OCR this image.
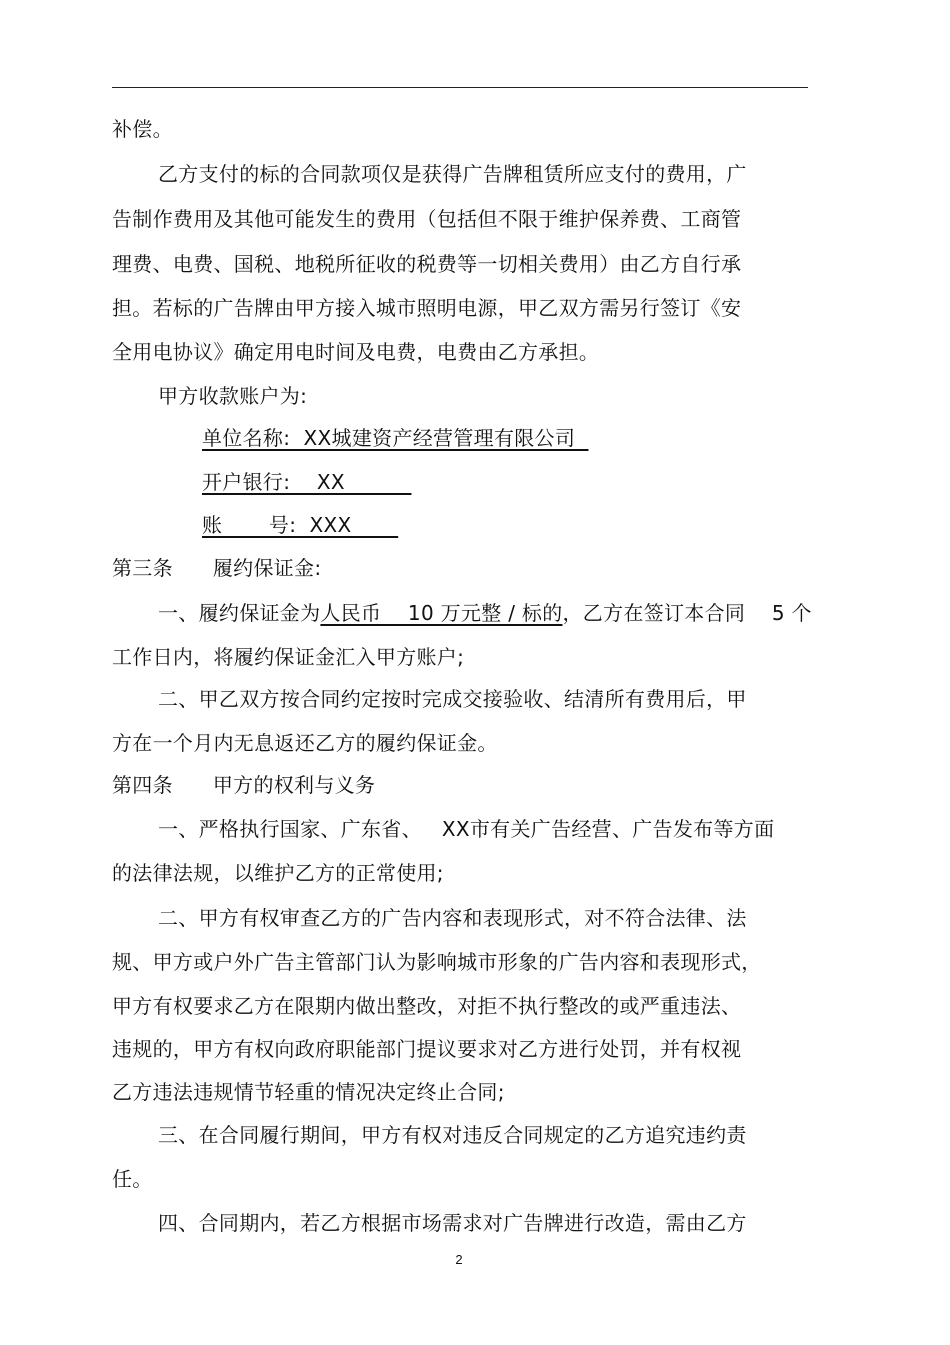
补偿。
乙方支付的标的合同款项仅是获得广告牌租赁所应支付的费用，广
告制作费用及其他可能发生的费用（包括但不限于维护保养费、工商管
理费、电费、国税、地税所征收的税费等一切相关费用）由乙方自行承
担。若标的广告牌由甲方接入城市照明电源，甲乙双方需另行签订《安
全用电协议》确定用电时间及电费，电费由乙方承担。
甲方收款账户为:
单位名称:  XX城建资产经营管理有限公司
开户银行:    XX
账       号:  XXX
第三条      履约保证金:
一、履约保证金为人民币    10 万元整 / 标的，乙方在签订本合同    5 个
工作日内，将履约保证金汇入甲方账户;
二、甲乙双方按合同约定按时完成交接验收、结清所有费用后，甲
方在一个月内无息返还乙方的履约保证金。
第四条      甲方的权利与义务
一、严格执行国家、广东省、   XX市有关广告经营、广告发布等方面
的法律法规，以维护乙方的正常使用;
二、甲方有权审查乙方的广告内容和表现形式，对不符合法律、法
规、甲方或户外广告主管部门认为影响城市形象的广告内容和表现形式，
甲方有权要求乙方在限期内做出整改，对拒不执行整改的或严重违法、
违规的，甲方有权向政府职能部门提议要求对乙方进行处罚，并有权视
乙方违法违规情节轻重的情况决定终止合同;
三、在合同履行期间，甲方有权对违反合同规定的乙方追究违约责
任。
四、合同期内，若乙方根据市场需求对广告牌进行改造，需由乙方
2
